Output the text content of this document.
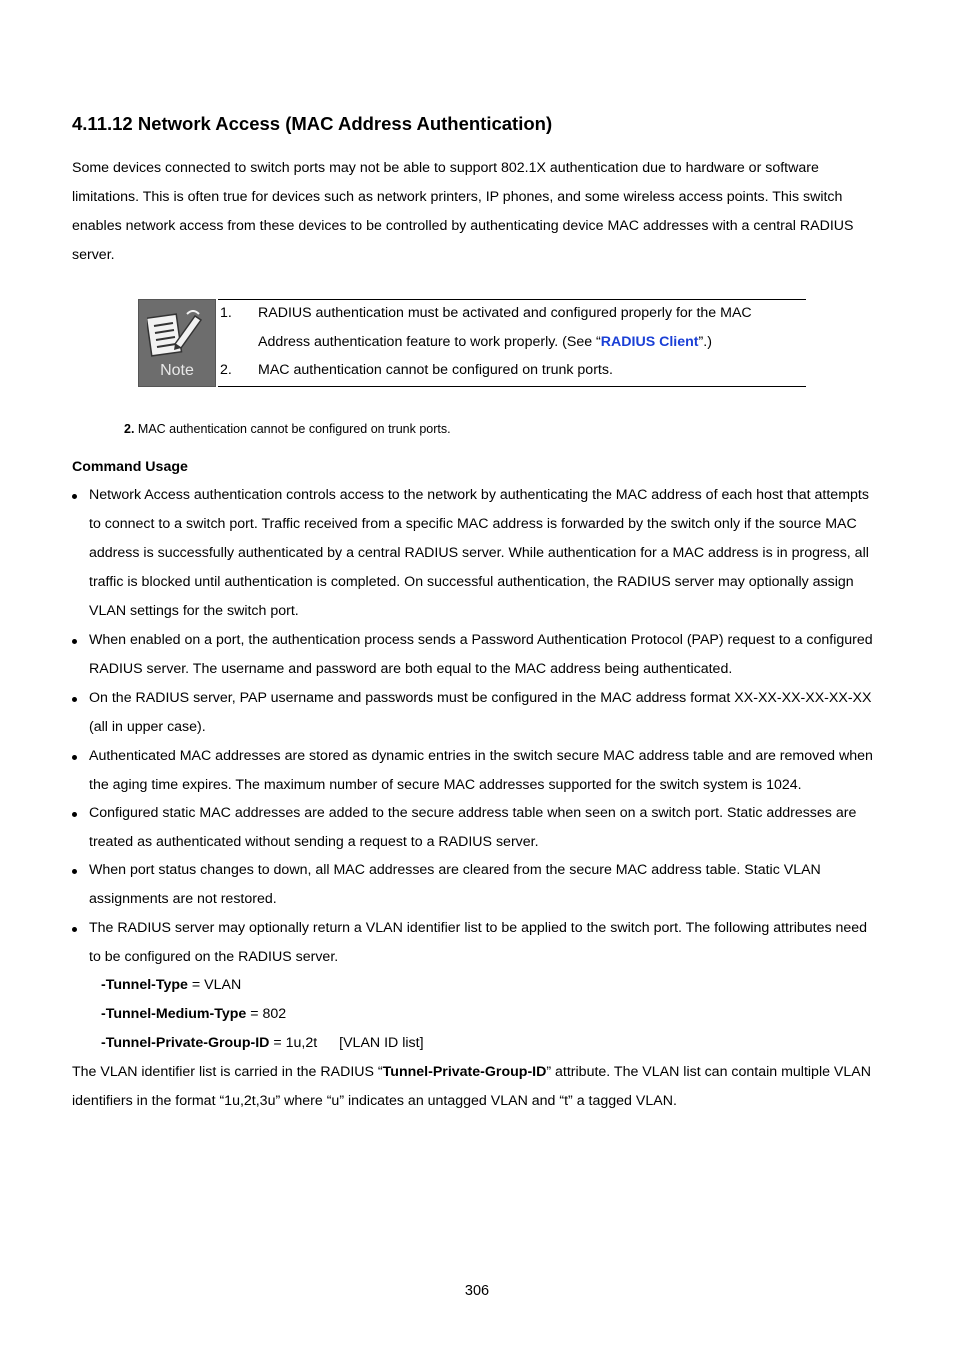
4.11.12 Network Access (MAC Address Authentication)
Some devices connected to switch ports may not be able to support 802.1X authentication due to hardware or software
limitations. This is often true for devices such as network printers, IP phones, and some wireless access points. This switch
enables network access from these devices to be controlled by authenticating device MAC addresses with a central RADIUS
server.
Note
1. RADIUS authentication must be activated and configured properly for the MAC
Address authentication feature to work properly. (See “RADIUS Client”.)
2. MAC authentication cannot be configured on trunk ports.
2. MAC authentication cannot be configured on trunk ports.
Command Usage
Network Access authentication controls access to the network by authenticating the MAC address of each host that attempts
to connect to a switch port. Traffic received from a specific MAC address is forwarded by the switch only if the source MAC
address is successfully authenticated by a central RADIUS server. While authentication for a MAC address is in progress, all
traffic is blocked until authentication is completed. On successful authentication, the RADIUS server may optionally assign
VLAN settings for the switch port.
When enabled on a port, the authentication process sends a Password Authentication Protocol (PAP) request to a configured
RADIUS server. The username and password are both equal to the MAC address being authenticated.
On the RADIUS server, PAP username and passwords must be configured in the MAC address format XX-XX-XX-XX-XX-XX
(all in upper case).
Authenticated MAC addresses are stored as dynamic entries in the switch secure MAC address table and are removed when
the aging time expires. The maximum number of secure MAC addresses supported for the switch system is 1024.
Configured static MAC addresses are added to the secure address table when seen on a switch port. Static addresses are
treated as authenticated without sending a request to a RADIUS server.
When port status changes to down, all MAC addresses are cleared from the secure MAC address table. Static VLAN
assignments are not restored.
The RADIUS server may optionally return a VLAN identifier list to be applied to the switch port. The following attributes need
to be configured on the RADIUS server.
-Tunnel-Type = VLAN
-Tunnel-Medium-Type = 802
-Tunnel-Private-Group-ID = 1u,2t [VLAN ID list]
The VLAN identifier list is carried in the RADIUS “Tunnel-Private-Group-ID” attribute. The VLAN list can contain multiple VLAN
identifiers in the format “1u,2t,3u” where “u” indicates an untagged VLAN and “t” a tagged VLAN.
306
